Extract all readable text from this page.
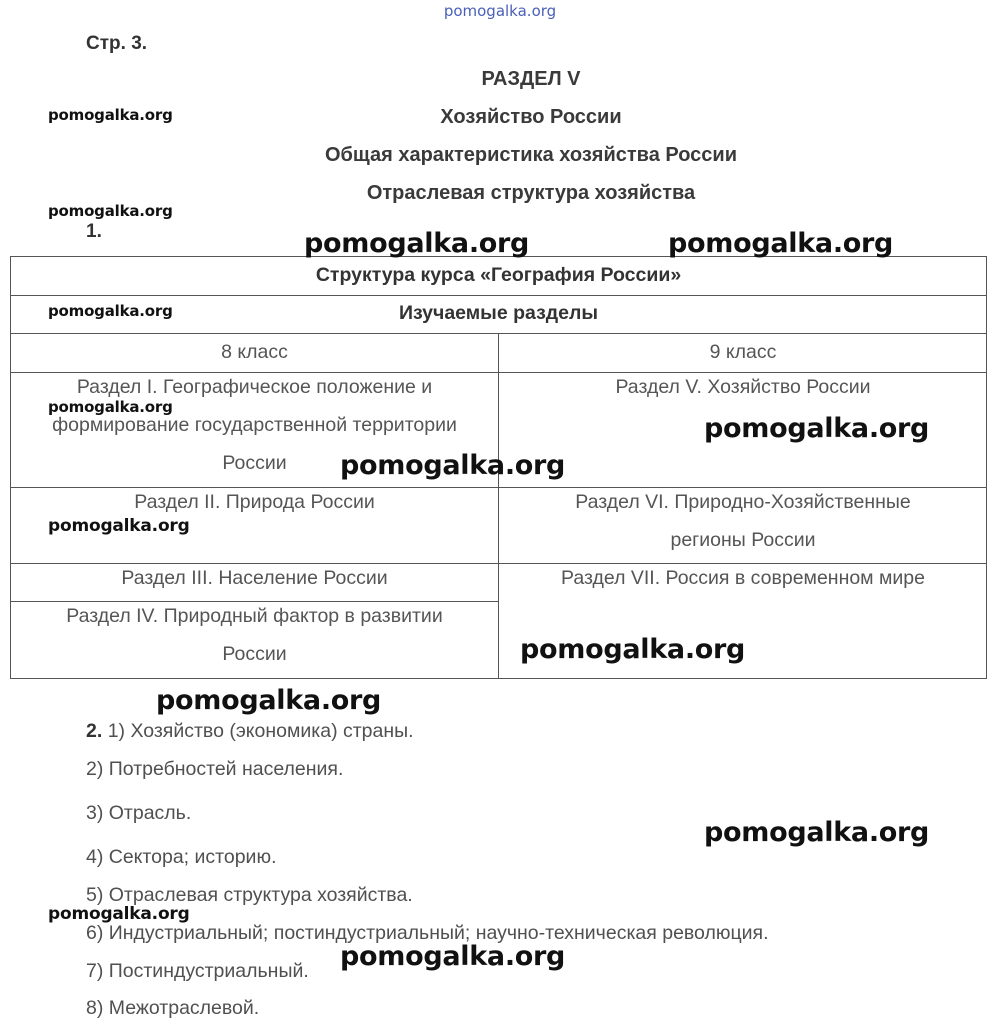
pomogalka.org
Стр. 3.
РАЗДЕЛ V
Хозяйство России
Общая характеристика хозяйства России
Отраслевая структура хозяйства
1.
Структура курса «География России»
Изучаемые разделы
8 класс	9 класс
Раздел I. Географическое положение и
формирование государственной территории
России
Раздел II. Природа России
Раздел III. Население России
Раздел IV. Природный фактор в развитии
России
Раздел V. Хозяйство России
Раздел VI. Природно-Хозяйственные
регионы России
Раздел VII. Россия в современном мире
2. 1) Хозяйство (экономика) страны.
2) Потребностей населения.
3) Отрасль.
4) Сектора; историю.
5) Отраслевая структура хозяйства.
6) Индустриальный; постиндустриальный; научно-техническая революция.
7) Постиндустриальный.
8) Межотраслевой.
pomogalka.org
pomogalka.org
pomogalka.org
pomogalka.org
pomogalka.org
pomogalka.org
pomogalka.org	pomogalka.org
pomogalka.org
pomogalka.org
pomogalka.org
pomogalka.org
pomogalka.org
pomogalka.org
